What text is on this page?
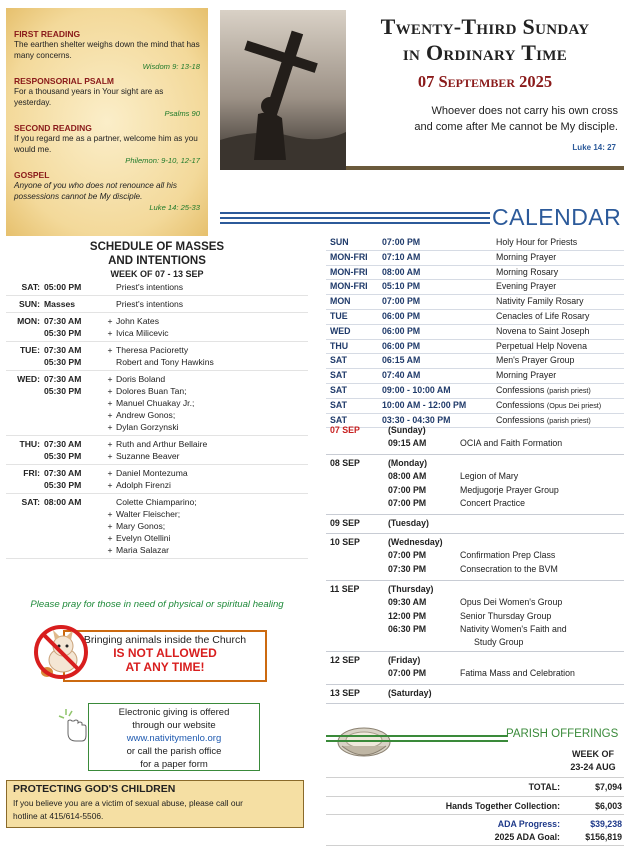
FIRST READING
The earthen shelter weighs down the mind that has many concerns.
Wisdom 9: 13-18
RESPONSORIAL PSALM
For a thousand years in Your sight are as yesterday.
Psalms 90
SECOND READING
If you regard me as a partner, welcome him as you would me.
Philemon: 9-10, 12-17
GOSPEL
Anyone of you who does not renounce all his possessions cannot be My disciple.
Luke 14: 25-33
Twenty-Third Sunday
in Ordinary Time
07 September 2025
Whoever does not carry his own cross
and come after Me cannot be My disciple.
Luke 14: 27
CALENDAR
SCHEDULE OF MASSES
AND INTENTIONS
WEEK OF 07 - 13 SEP
SAT: 05:00 PM	Priest's intentions
SUN: Masses	Priest's intentions
MON: 07:30 AM	+ John Kates
05:30 PM	+ Ivica Milicevic
TUE: 07:30 AM	+ Theresa Pacioretty
05:30 PM	Robert and Tony Hawkins
WED: 07:30 AM	+ Doris Boland
05:30 PM	+ Dolores Buan Tan;
+ Manuel Chuakay Jr.;
+ Andrew Gonos;
+ Dylan Gorzynski
THU: 07:30 AM	+ Ruth and Arthur Bellaire
05:30 PM	+ Suzanne Beaver
FRI: 07:30 AM	+ Daniel Montezuma
05:30 PM	+ Adolph Firenzi
SAT: 08:00 AM	Colette Chiamparino;
+ Walter Fleischer;
+ Mary Gonos;
+ Evelyn Otellini
+ Maria Salazar
Please pray for those in need of physical or spiritual healing
Bringing animals inside the Church
IS NOT ALLOWED
AT ANY TIME!
Electronic giving is offered
through our website
www.nativitymenlo.org
or call the parish office
for a paper form
PROTECTING GOD'S CHILDREN
If you believe you are a victim of sexual abuse, please call our
hotline at 415/614-5506.
SUN	07:00 PM	Holy Hour for Priests
MON-FRI	07:10 AM	Morning Prayer
MON-FRI	08:00 AM	Morning Rosary
MON-FRI	05:10 PM	Evening Prayer
MON	07:00 PM	Nativity Family Rosary
TUE	06:00 PM	Cenacles of Life Rosary
WED	06:00 PM	Novena to Saint Joseph
THU	06:00 PM	Perpetual Help Novena
SAT	06:15 AM	Men's Prayer Group
SAT	07:40 AM	Morning Prayer
SAT	09:00 - 10:00 AM	Confessions (parish priest)
SAT	10:00 AM - 12:00 PM	Confessions (Opus Dei priest)
SAT	03:30 - 04:30 PM	Confessions (parish priest)
07 SEP	(Sunday)
09:15 AM	OCIA and Faith Formation
08 SEP	(Monday)
08:00 AM	Legion of Mary
07:00 PM	Medjugorje Prayer Group
07:00 PM	Concert Practice
09 SEP	(Tuesday)
10 SEP	(Wednesday)
07:00 PM	Confirmation Prep Class
07:30 PM	Consecration to the BVM
11 SEP	(Thursday)
09:30 AM	Opus Dei Women's Group
12:00 PM	Senior Thursday Group
06:30 PM	Nativity Women's Faith and
Study Group
12 SEP	(Friday)
07:00 PM	Fatima Mass and Celebration
13 SEP	(Saturday)
PARISH OFFERINGS
WEEK OF
23-24 AUG
TOTAL:	$7,094
Hands Together Collection:	$6,003
ADA Progress:	$39,238
2025 ADA Goal:	$156,819
